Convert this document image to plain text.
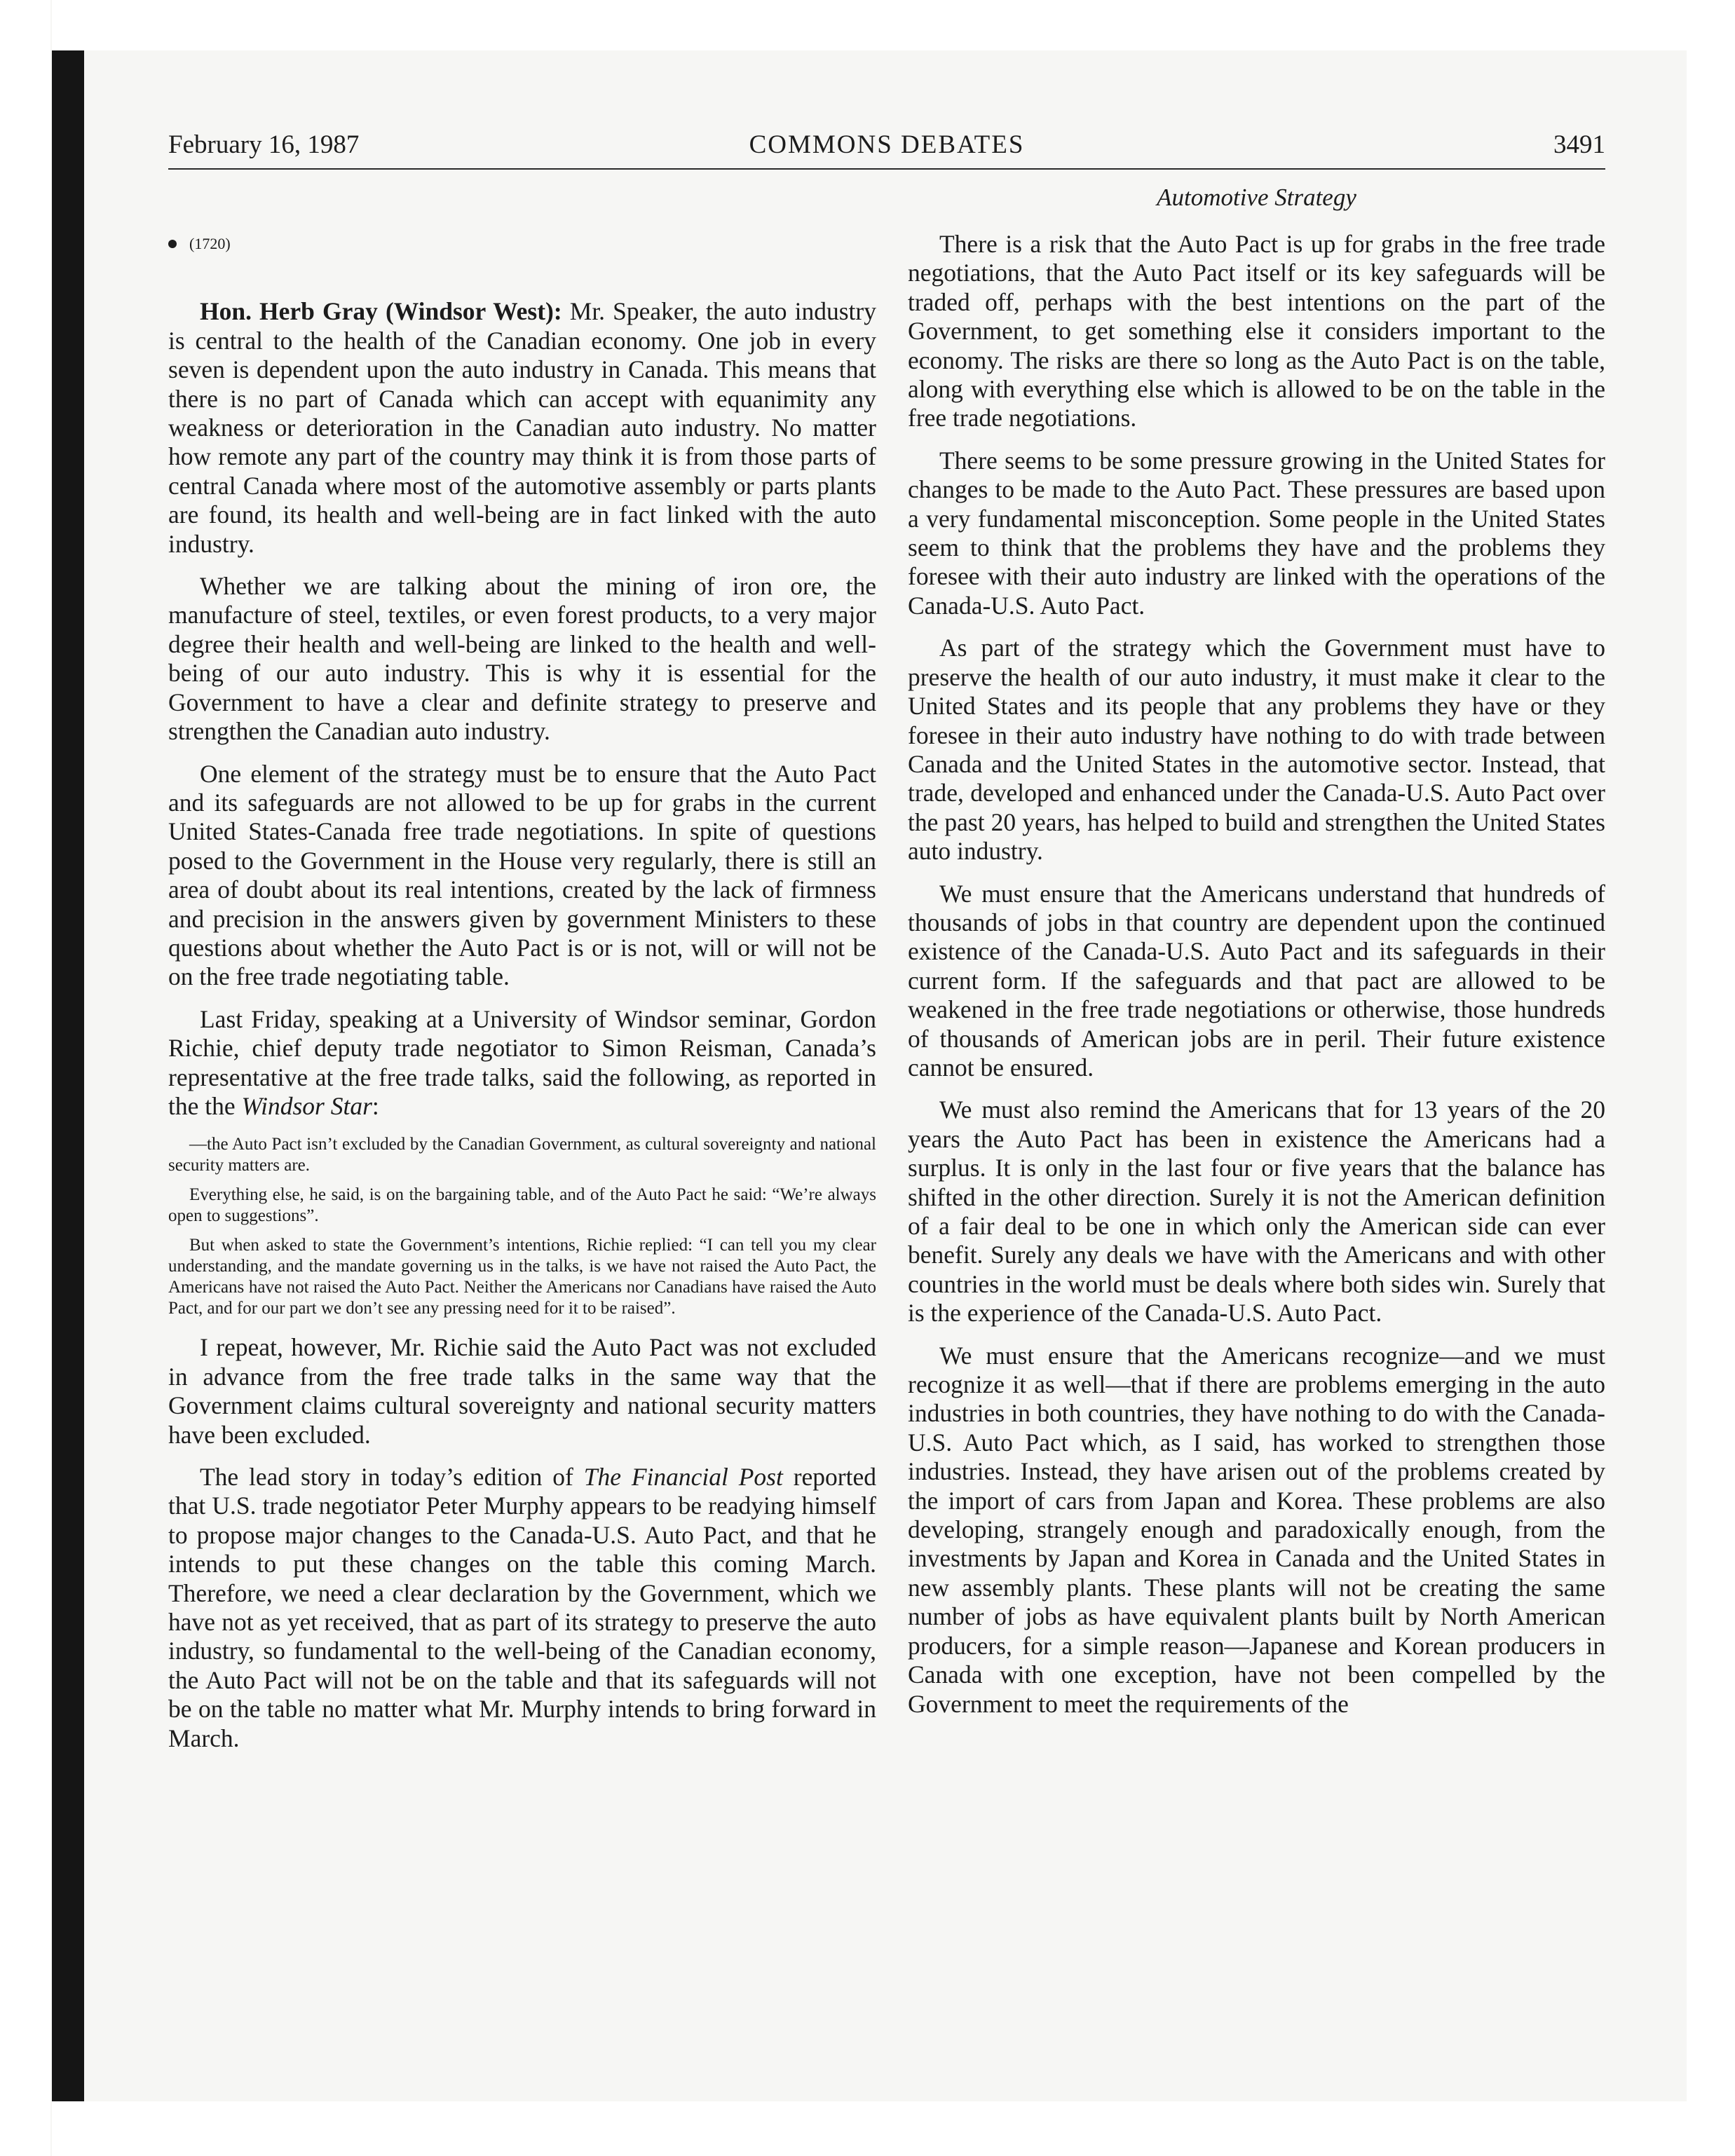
February 16, 1987	COMMONS DEBATES	3491
Automotive Strategy
(1720)

Hon. Herb Gray (Windsor West): Mr. Speaker, the auto industry is central to the health of the Canadian economy. One job in every seven is dependent upon the auto industry in Canada. This means that there is no part of Canada which can accept with equanimity any weakness or deterioration in the Canadian auto industry. No matter how remote any part of the country may think it is from those parts of central Canada where most of the automotive assembly or parts plants are found, its health and well-being are in fact linked with the auto industry.

Whether we are talking about the mining of iron ore, the manufacture of steel, textiles, or even forest products, to a very major degree their health and well-being are linked to the health and well-being of our auto industry. This is why it is essential for the Government to have a clear and definite strategy to preserve and strengthen the Canadian auto industry.

One element of the strategy must be to ensure that the Auto Pact and its safeguards are not allowed to be up for grabs in the current United States-Canada free trade negotiations. In spite of questions posed to the Government in the House very regularly, there is still an area of doubt about its real intentions, created by the lack of firmness and precision in the answers given by government Ministers to these questions about whether the Auto Pact is or is not, will or will not be on the free trade negotiating table.

Last Friday, speaking at a University of Windsor seminar, Gordon Richie, chief deputy trade negotiator to Simon Reisman, Canada’s representative at the free trade talks, said the following, as reported in the the Windsor Star:

—the Auto Pact isn’t excluded by the Canadian Government, as cultural sovereignty and national security matters are.
Everything else, he said, is on the bargaining table, and of the Auto Pact he said: “We’re always open to suggestions”.
But when asked to state the Government’s intentions, Richie replied: “I can tell you my clear understanding, and the mandate governing us in the talks, is we have not raised the Auto Pact, the Americans have not raised the Auto Pact. Neither the Americans nor Canadians have raised the Auto Pact, and for our part we don’t see any pressing need for it to be raised”.

I repeat, however, Mr. Richie said the Auto Pact was not excluded in advance from the free trade talks in the same way that the Government claims cultural sovereignty and national security matters have been excluded.

The lead story in today’s edition of The Financial Post reported that U.S. trade negotiator Peter Murphy appears to be readying himself to propose major changes to the Canada-U.S. Auto Pact, and that he intends to put these changes on the table this coming March. Therefore, we need a clear declaration by the Government, which we have not as yet received, that as part of its strategy to preserve the auto industry, so fundamental to the well-being of the Canadian economy, the Auto Pact will not be on the table and that its safeguards will not be on the table no matter what Mr. Murphy intends to bring forward in March.

There is a risk that the Auto Pact is up for grabs in the free trade negotiations, that the Auto Pact itself or its key safeguards will be traded off, perhaps with the best intentions on the part of the Government, to get something else it considers important to the economy. The risks are there so long as the Auto Pact is on the table, along with everything else which is allowed to be on the table in the free trade negotiations.

There seems to be some pressure growing in the United States for changes to be made to the Auto Pact. These pressures are based upon a very fundamental misconception. Some people in the United States seem to think that the problems they have and the problems they foresee with their auto industry are linked with the operations of the Canada-U.S. Auto Pact.

As part of the strategy which the Government must have to preserve the health of our auto industry, it must make it clear to the United States and its people that any problems they have or they foresee in their auto industry have nothing to do with trade between Canada and the United States in the automotive sector. Instead, that trade, developed and enhanced under the Canada-U.S. Auto Pact over the past 20 years, has helped to build and strengthen the United States auto industry.

We must ensure that the Americans understand that hundreds of thousands of jobs in that country are dependent upon the continued existence of the Canada-U.S. Auto Pact and its safeguards in their current form. If the safeguards and that pact are allowed to be weakened in the free trade negotiations or otherwise, those hundreds of thousands of American jobs are in peril. Their future existence cannot be ensured.

We must also remind the Americans that for 13 years of the 20 years the Auto Pact has been in existence the Americans had a surplus. It is only in the last four or five years that the balance has shifted in the other direction. Surely it is not the American definition of a fair deal to be one in which only the American side can ever benefit. Surely any deals we have with the Americans and with other countries in the world must be deals where both sides win. Surely that is the experience of the Canada-U.S. Auto Pact.

We must ensure that the Americans recognize—and we must recognize it as well—that if there are problems emerging in the auto industries in both countries, they have nothing to do with the Canada-U.S. Auto Pact which, as I said, has worked to strengthen those industries. Instead, they have arisen out of the problems created by the import of cars from Japan and Korea. These problems are also developing, strangely enough and paradoxically enough, from the investments by Japan and Korea in Canada and the United States in new assembly plants. These plants will not be creating the same number of jobs as have equivalent plants built by North American producers, for a simple reason—Japanese and Korean producers in Canada with one exception, have not been compelled by the Government to meet the requirements of the
